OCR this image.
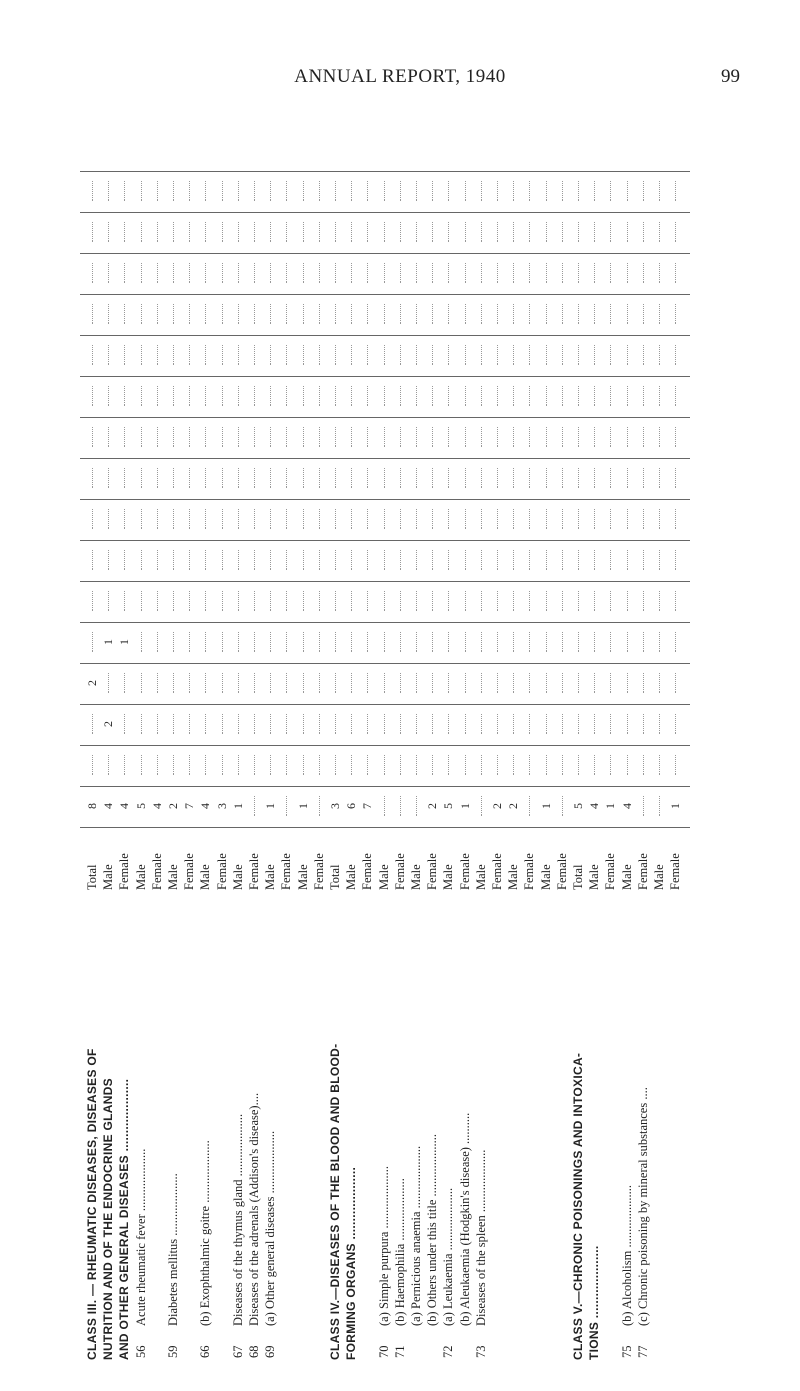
ANNUAL REPORT, 1940	99
CLASS III. — RHEUMATIC DISEASES, DISEASES OF
Total
8
2
NUTRITION AND OF THE ENDOCRINE GLANDS
Male
4
2
1
AND OTHER GENERAL DISEASES ....................
Female
4
1
56
Acute rheumatic fever ....................
Male
5
Female
4
59
Diabetes mellitus ....................
Male
2
Female
7
66
(b) Exophthalmic goitre ....................
Male
4
Female
3
67
Diseases of the thymus gland ....................
Male
1
68
Diseases of the adrenals (Addison's disease)....
Female
69
(a) Other general diseases ....................
Male
1
Female Male
1
Female
CLASS IV.—DISEASES OF THE BLOOD AND BLOOD-
Total
3
FORMING ORGANS ....................
Male
6
Female
7
70
(a) Simple purpura ....................
Male
71
(b) Haemophilia ....................
Female
(a) Pernicious anaemia ....................
Male
(b) Others under this title ....................
Female
2
72
(a) Leukaemia ....................
Male
5
(b) Aleukaemia (Hodgkin's disease) ..........
Female
1
73
Diseases of the spleen ....................
Male Female
2
Male
2
Female Male
1
Female
CLASS V.—CHRONIC POISONINGS AND INTOXICA-
Total
5
TIONS ....................
Male
4
Female
1
75
(b) Alcoholism ....................
Male
4
77
(c) Chronic poisoning by mineral substances ....
Female Male Female
1
